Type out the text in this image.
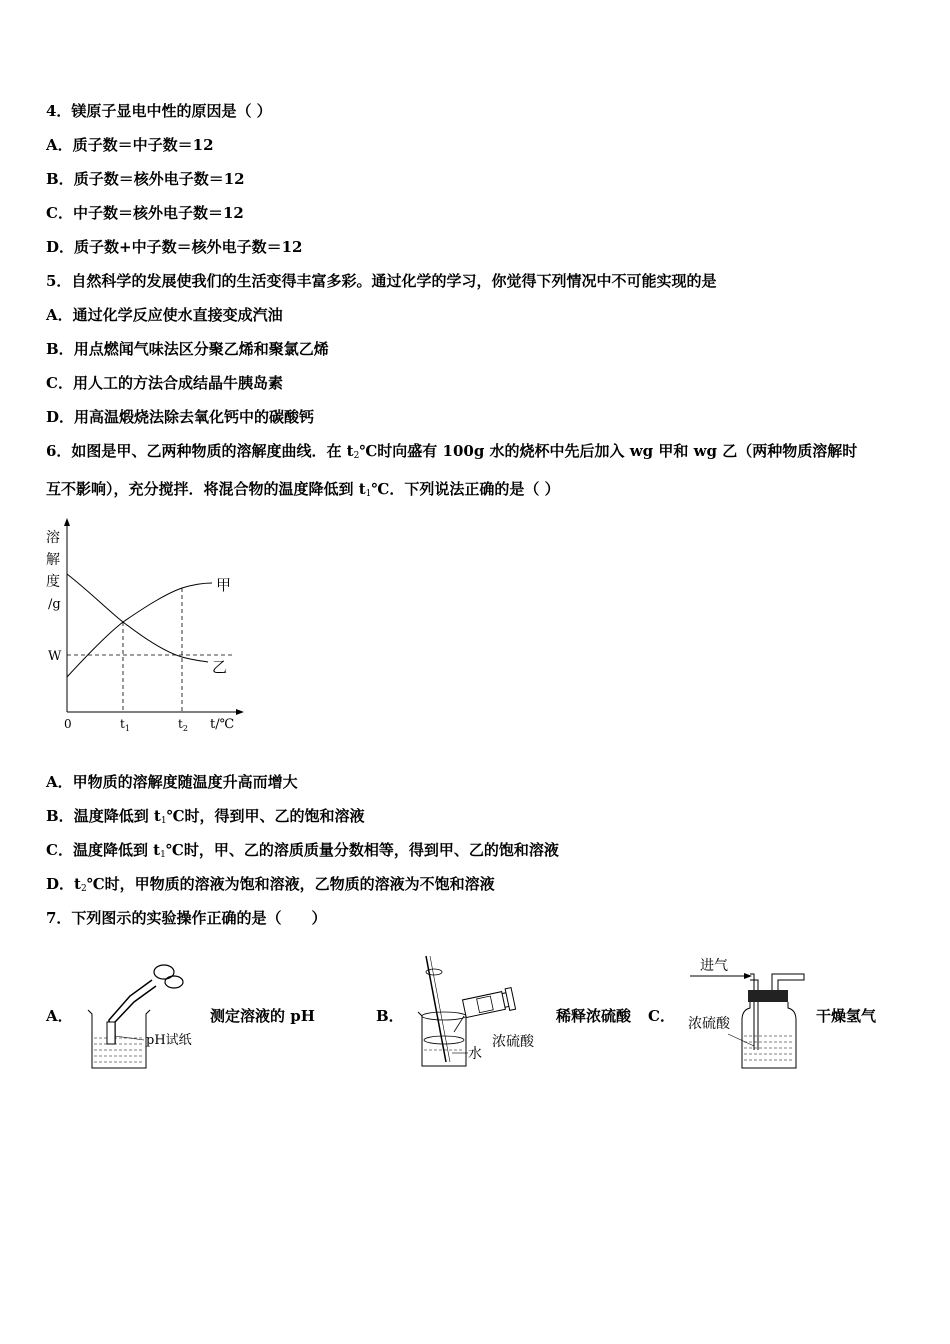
4．镁原子显电中性的原因是（ ）
A．质子数＝中子数＝12
B．质子数＝核外电子数＝12
C．中子数＝核外电子数＝12
D．质子数+中子数＝核外电子数＝12
5．自然科学的发展使我们的生活变得丰富多彩。通过化学的学习，你觉得下列情况中不可能实现的是
A．通过化学反应使水直接变成汽油
B．用点燃闻气味法区分聚乙烯和聚氯乙烯
C．用人工的方法合成结晶牛胰岛素
D．用高温煅烧法除去氧化钙中的碳酸钙
6．如图是甲、乙两种物质的溶解度曲线．在 $t_2℃$时向盛有 100g 水的烧杯中先后加入 wg 甲和 wg 乙（两种物质溶解时
互不影响），充分搅拌．将混合物的温度降低到 $t_1℃$．下列说法正确的是（ ）
溶
解
度
/g
W
甲
乙
0	$t_1$	$t_2$ t/℃
A．甲物质的溶解度随温度升高而增大
B．温度降低到 $t_1℃$时，得到甲、乙的饱和溶液
C．温度降低到 $t_1℃$时，甲、乙的溶质质量分数相等，得到甲、乙的饱和溶液
D．$t_2℃$时，甲物质的溶液为饱和溶液，乙物质的溶液为不饱和溶液
7．下列图示的实验操作正确的是（　　）
A．
pH试纸
测定溶液的 pH	B．
浓硫酸
水
稀释浓硫酸 C．
进气
浓硫酸	干燥氢气
